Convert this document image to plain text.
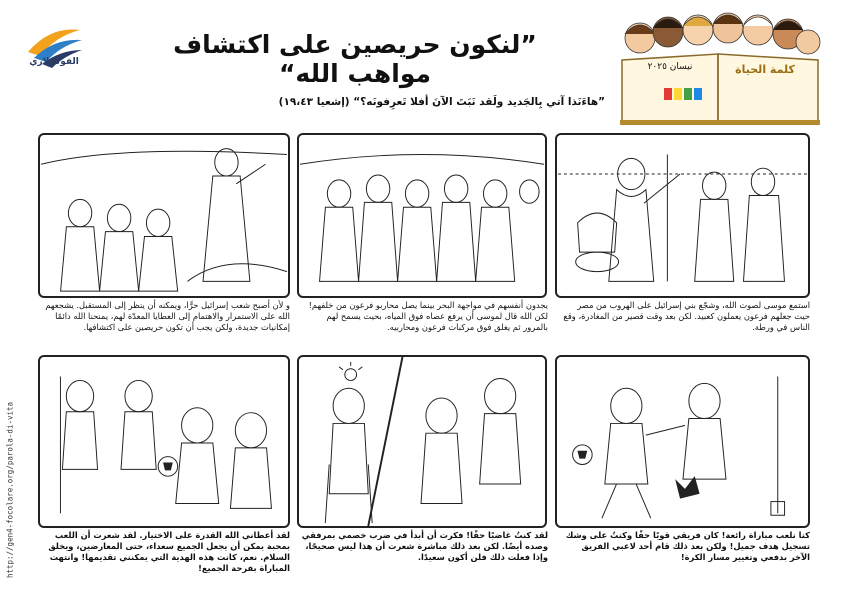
الفوكولاري
”لنكون حريصين على اكتشاف مواهب الله“
”هاءَنَذا آتي بِالجَديد ولَقد نَبَتَ الآنَ أفلا تَعرِفونَه؟“ (إشعيا ١٩،٤٣)
نيسان ٢٠٢٥	كلمة الحياة
http://gen4-focolare.org/parola-di-vita
استمع موسى لصوت الله، وشجّع بني إسرائيل على الهروب من مصر حيث جعلهم فرعون يعملون كعبيد. لكن بعد وقت قصير من المغادرة، وقع الناس في ورطة.
يجدون أنفسهم في مواجهة البحر بينما يصل محاربو فرعون من خلفهم! لكن الله قال لموسى أن يرفع عصاه فوق المياه، بحيث يسمح لهم بالمرور ثم يغلق فوق مركبات فرعون ومحاربيه.
و لأن أصبح شعب إسرائيل حرًّا، ويمكنه أن ينظر إلى المستقبل. يشجعهم الله على الاستمرار والاهتمام إلى العطايا المعدّة لهم، يمنحنا الله دائمًا إمكانيات جديدة، ولكن يجب أن تكون حريصين على اكتشافها.
كنا نلعب مباراة رائعة! كان فريقي قويًا حقًا وكنتُ على وشك تسجيل هدف جميل! ولكن بعد ذلك قام أحد لاعبي الفريق الآخر بدفعي وتغيير مسار الكرة!
لقد كنتُ غاضبًا حقًا! فكرت أن أبدأ في ضرب خصمي بمرفقي وصده أيضًا. لكن بعد ذلك مباشرة شعرت أن هذا ليس صحيحًا، وإذا فعلت ذلك فلن أكون سعيدًا.
لقد أعطاني الله القدرة على الاختيار. لقد شعرت أن اللعب بمحبة يمكن أن يجعل الجميع سعداء، حتى المعارضين، ويخلق السلام. نعم، كانت هذه الهدية التي يمكنني تقديمها! وانتهت المباراة بفرحة الجميع!
